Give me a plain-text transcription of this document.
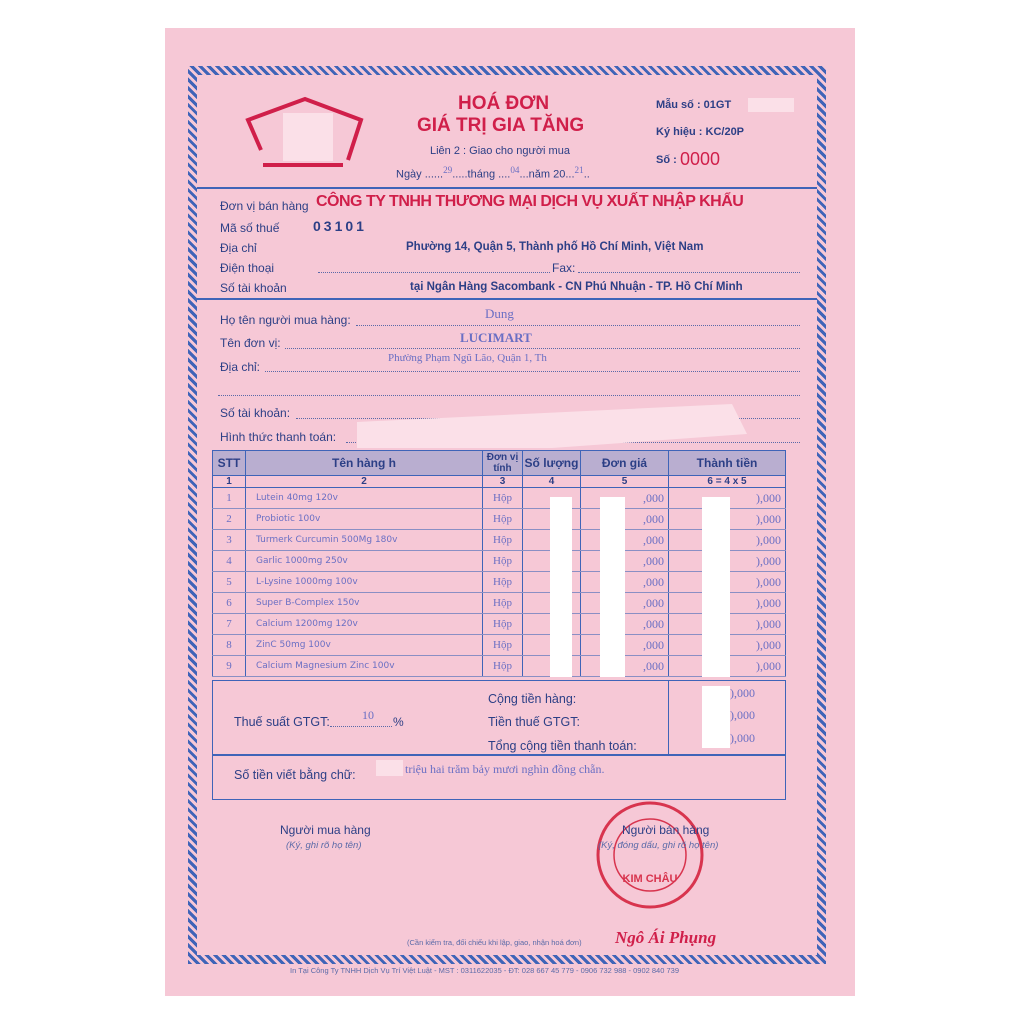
HOÁ ĐƠN
GIÁ TRỊ GIA TĂNG
Liên 2 : Giao cho người mua
Ngày ......$^{29}$.....tháng ....$^{04}$...năm 20...$^{21}$..
Mẫu số : 01GT
Ký hiệu : KC/20P
Số : 0000
Đơn vị bán hàng CÔNG TY TNHH THƯƠNG MẠI DỊCH VỤ XUẤT NHẬP KHẨU
Mã số thuế 03101
Địa chỉ	Phường 14, Quận 5, Thành phố Hồ Chí Minh, Việt Nam
Điện thoại	Fax:
Số tài khoản	tại Ngân Hàng Sacombank - CN Phú Nhuận - TP. Hồ Chí Minh
Họ tên người mua hàng:	Dung
Tên đơn vị:	LUCIMART
Địa chỉ:
Phường Phạm Ngũ Lão, Quận 1, Th
Số tài khoản:
Hình thức thanh toán:
STT	Tên hàng h	Đơn vị tính	Số lượng	Đơn giá	Thành tiền
1	2	3	4	5	6 = 4 x 5
1	Lutein 40mg 120v	Hộp		,000	),000
2	Probiotic 100v	Hộp		,000	),000
3	Turmerk Curcumin 500Mg 180v	Hộp		,000	),000
4	Garlic 1000mg 250v	Hộp		,000	),000
5	L-Lysine 1000mg 100v	Hộp		,000	),000
6	Super B-Complex 150v	Hộp		,000	),000
7	Calcium 1200mg 120v	Hộp		,000	),000
8	ZinC 50mg 100v	Hộp		,000	),000
9	Calcium Magnesium Zinc 100v	Hộp		,000	),000
Cộng tiền hàng:	),000
Thuế suất GTGT:	10 %	Tiền thuế GTGT:	),000
Tổng cộng tiền thanh toán:
),000
Số tiền viết bằng chữ:	triệu hai trăm bảy mươi nghìn đồng chẵn.
Người mua hàng
(Ký, ghi rõ họ tên)
KIM CHÂU
Người bán hàng
(Ký, đóng dấu, ghi rõ họ tên)
Ngô Ái Phụng
(Cần kiểm tra, đối chiếu khi lập, giao, nhận hoá đơn)
In Tại Công Ty TNHH Dịch Vụ Trí Việt Luật - MST : 0311622035 - ĐT: 028 667 45 779 - 0906 732 988 - 0902 840 739
